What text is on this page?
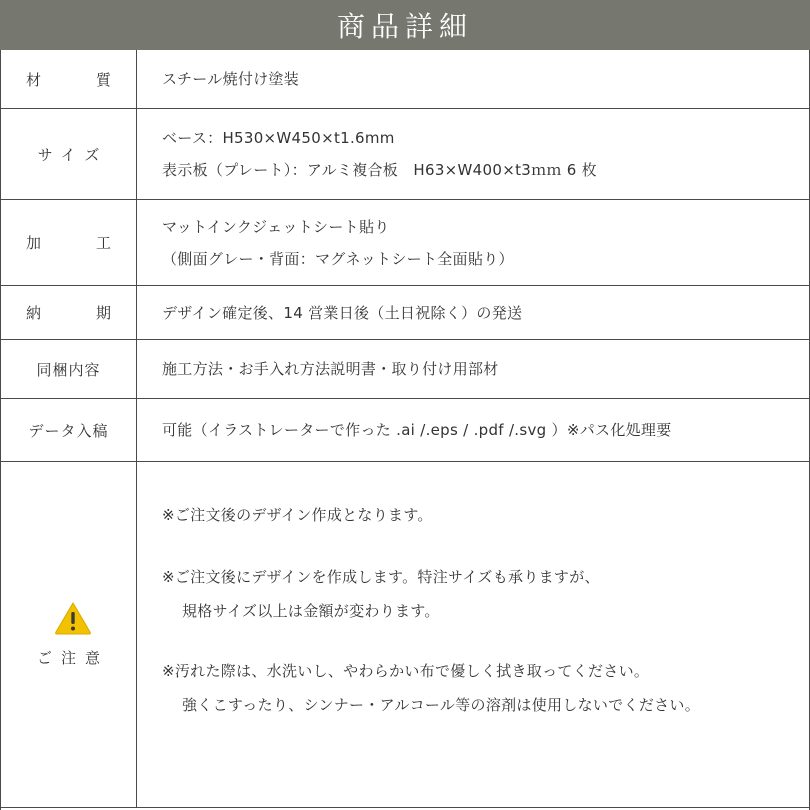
商品詳細
材　質 スチール焼付け塗装
サイズ
ベース：H530×W450×t1.6mm
表示板（プレート）：アルミ複合板　H63×W400×t3ｍｍ 6 枚
加　工
マットインクジェットシート貼り
（側面グレー・背面：マグネットシート全面貼り）
納　期 デザイン確定後、14 営業日後（土日祝除く）の発送
同梱内容	施工方法・お手入れ方法説明書・取り付け用部材
データ入稿	可能（イラストレーターで作った .ai /.eps / .pdf /.svg ）※パス化処理要
ご注意
※ご注文後のデザイン作成となります。
※ご注文後にデザインを作成します。特注サイズも承りますが、
規格サイズ以上は金額が変わります。
※汚れた際は、水洗いし、やわらかい布で優しく拭き取ってください。
強くこすったり、シンナー・アルコール等の溶剤は使用しないでください。
